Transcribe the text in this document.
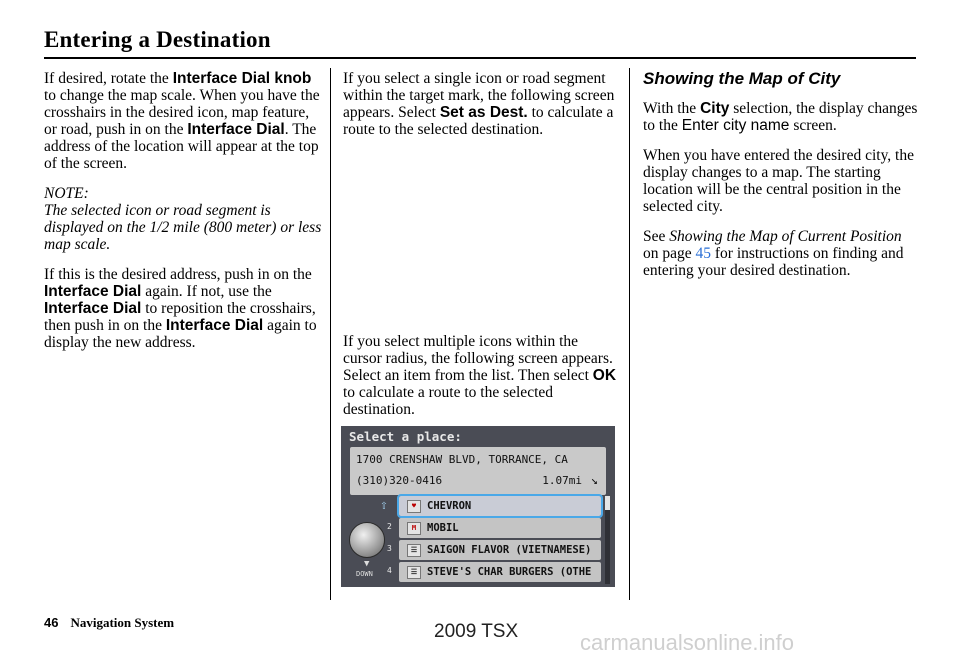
Entering a Destination

If desired, rotate the Interface Dial knob to change the map scale. When you have the crosshairs in the desired icon, map feature, or road, push in on the Interface Dial. The address of the location will appear at the top of the screen.

NOTE:

The selected icon or road segment is displayed on the 1/2 mile (800 meter) or less map scale.

If this is the desired address, push in on the Interface Dial again. If not, use the Interface Dial to reposition the crosshairs, then push in on the Interface Dial again to display the new address.

If you select a single icon or road segment within the target mark, the following screen appears. Select Set as Dest. to calculate a route to the selected destination.

If you select multiple icons within the cursor radius, the following screen appears. Select an item from the list. Then select OK to calculate a route to the selected destination.

Select a place:
1700 CRENSHAW BLVD, TORRANCE, CA
(310)320-0416	1.07mi ↘
⇧
▼
DOWN
2
3
4
♥	CHEVRON
M	MOBIL
☰ SAIGON FLAVOR (VIETNAMESE)
☰ STEVE'S CHAR BURGERS (OTHE

Showing the Map of City

With the City selection, the display changes to the Enter city name screen.

When you have entered the desired city, the display changes to a map. The starting location will be the central position in the selected city.

See Showing the Map of Current Position on page 45 for instructions on finding and entering your desired destination.

46 Navigation System	2009 TSX	carmanualsonline.info
